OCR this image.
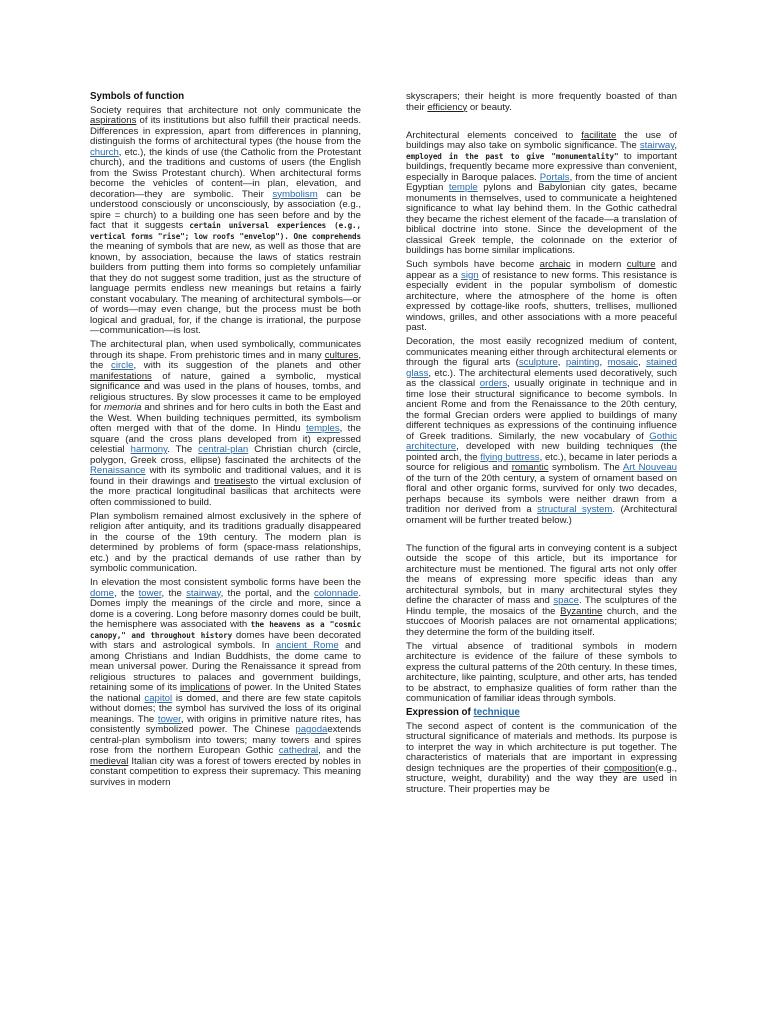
Symbols of function

Society requires that architecture not only communicate the aspirations of its institutions but also fulfill their practical needs. Differences in expression, apart from differences in planning, distinguish the forms of architectural types (the house from the church, etc.), the kinds of use (the Catholic from the Protestant church), and the traditions and customs of users (the English from the Swiss Protestant church). When architectural forms become the vehicles of content—in plan, elevation, and decoration—they are symbolic. Their symbolism can be understood consciously or unconsciously, by association (e.g., spire = church) to a building one has seen before and by the fact that it suggests certain universal experiences (e.g., vertical forms "rise"; low roofs "envelop"). One comprehends the meaning of symbols that are new, as well as those that are known, by association, because the laws of statics restrain builders from putting them into forms so completely unfamiliar that they do not suggest some tradition, just as the structure of language permits endless new meanings but retains a fairly constant vocabulary. The meaning of architectural symbols—or of words—may even change, but the process must be both logical and gradual, for, if the change is irrational, the purpose—communication—is lost.

The architectural plan, when used symbolically, communicates through its shape. From prehistoric times and in many cultures, the circle, with its suggestion of the planets and other manifestations of nature, gained a symbolic, mystical significance and was used in the plans of houses, tombs, and religious structures. By slow processes it came to be employed for memoria and shrines and for hero cults in both the East and the West. When building techniques permitted, its symbolism often merged with that of the dome. In Hindu temples, the square (and the cross plans developed from it) expressed celestial harmony. The central-plan Christian church (circle, polygon, Greek cross, ellipse) fascinated the architects of the Renaissance with its symbolic and traditional values, and it is found in their drawings and treatisesto the virtual exclusion of the more practical longitudinal basilicas that architects were often commissioned to build.

Plan symbolism remained almost exclusively in the sphere of religion after antiquity, and its traditions gradually disappeared in the course of the 19th century. The modern plan is determined by problems of form (space-mass relationships, etc.) and by the practical demands of use rather than by symbolic communication.

In elevation the most consistent symbolic forms have been the dome, the tower, the stairway, the portal, and the colonnade. Domes imply the meanings of the circle and more, since a dome is a covering. Long before masonry domes could be built, the hemisphere was associated with the heavens as a "cosmic canopy," and throughout history domes have been decorated with stars and astrological symbols. In ancient Rome and among Christians and Indian Buddhists, the dome came to mean universal power. During the Renaissance it spread from religious structures to palaces and government buildings, retaining some of its implications of power. In the United States the national capitol is domed, and there are few state capitols without domes; the symbol has survived the loss of its original meanings. The tower, with origins in primitive nature rites, has consistently symbolized power. The Chinese pagodaextends central-plan symbolism into towers; many towers and spires rose from the northern European Gothic cathedral, and the medieval Italian city was a forest of towers erected by nobles in constant competition to express their supremacy. This meaning survives in modern

skyscrapers; their height is more frequently boasted of than their efficiency or beauty.

Architectural elements conceived to facilitate the use of buildings may also take on symbolic significance. The stairway, employed in the past to give "monumentality" to important buildings, frequently became more expressive than convenient, especially in Baroque palaces. Portals, from the time of ancient Egyptian temple pylons and Babylonian city gates, became monuments in themselves, used to communicate a heightened significance to what lay behind them. In the Gothic cathedral they became the richest element of the facade—a translation of biblical doctrine into stone. Since the development of the classical Greek temple, the colonnade on the exterior of buildings has borne similar implications.

Such symbols have become archaic in modern culture and appear as a sign of resistance to new forms. This resistance is especially evident in the popular symbolism of domestic architecture, where the atmosphere of the home is often expressed by cottage-like roofs, shutters, trellises, mullioned windows, grilles, and other associations with a more peaceful past.

Decoration, the most easily recognized medium of content, communicates meaning either through architectural elements or through the figural arts (sculpture, painting, mosaic, stained glass, etc.). The architectural elements used decoratively, such as the classical orders, usually originate in technique and in time lose their structural significance to become symbols. In ancient Rome and from the Renaissance to the 20th century, the formal Grecian orders were applied to buildings of many different techniques as expressions of the continuing influence of Greek traditions. Similarly, the new vocabulary of Gothic architecture, developed with new building techniques (the pointed arch, the flying buttress, etc.), became in later periods a source for religious and romantic symbolism. The Art Nouveau of the turn of the 20th century, a system of ornament based on floral and other organic forms, survived for only two decades, perhaps because its symbols were neither drawn from a tradition nor derived from a structural system. (Architectural ornament will be further treated below.)

The function of the figural arts in conveying content is a subject outside the scope of this article, but its importance for architecture must be mentioned. The figural arts not only offer the means of expressing more specific ideas than any architectural symbols, but in many architectural styles they define the character of mass and space. The sculptures of the Hindu temple, the mosaics of the Byzantine church, and the stuccoes of Moorish palaces are not ornamental applications; they determine the form of the building itself.

The virtual absence of traditional symbols in modern architecture is evidence of the failure of these symbols to express the cultural patterns of the 20th century. In these times, architecture, like painting, sculpture, and other arts, has tended to be abstract, to emphasize qualities of form rather than the communication of familiar ideas through symbols.

Expression of technique

The second aspect of content is the communication of the structural significance of materials and methods. Its purpose is to interpret the way in which architecture is put together. The characteristics of materials that are important in expressing design techniques are the properties of their composition(e.g., structure, weight, durability) and the way they are used in structure. Their properties may be
